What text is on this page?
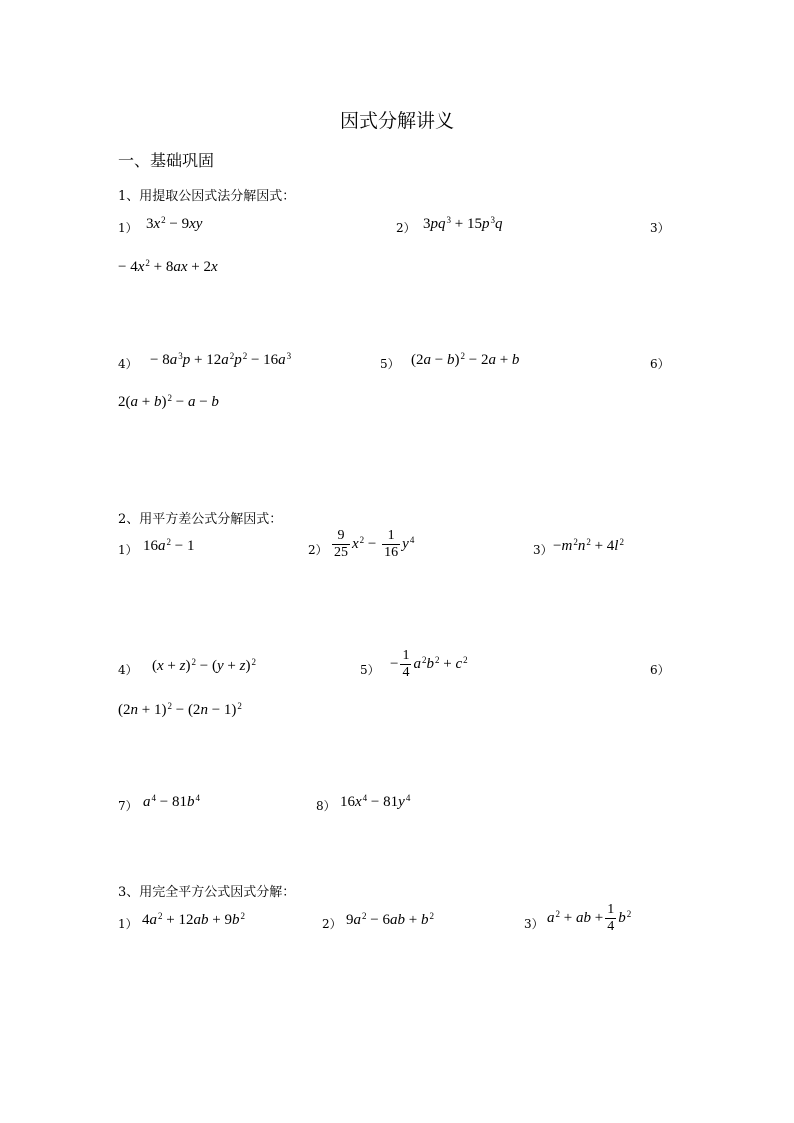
因式分解讲义
一、基础巩固
1、用提取公因式法分解因式：
1） $3x^2 - 9xy$	2） $3pq^3 + 15p^3q$	3）
− $4x^2 + 8ax + 2x$
$4) - 8a^3p + 12a^2p^2 - 16a^3$
5） $(2a - b)^2 - 2a + b$	6）
$2(a + b)^2 - a - b$
2、用平方差公式分解因式：
1） $16a^2 - 1$	$2) \frac{9}{25} x^2 - \frac{1}{16} y^4$
$3) -m^2n^2 + 4l^2$
4） $(x + z)^2 - (y + z)^2$
$5) - \frac{1}{4} a^2b^2 + c^2$
6）
$(2n + 1)^2 - (2n - 1)^2$
7） $a^4 - 81b^4$
8） $16x^4 - 81y^4$
3、用完全平方公式因式分解：
1） $4a^2 + 12ab + 9b^2$
2） $9a^2 - 6ab + b^2$
3） $a^2$ + ab + $\frac{1}{4} b^2$
